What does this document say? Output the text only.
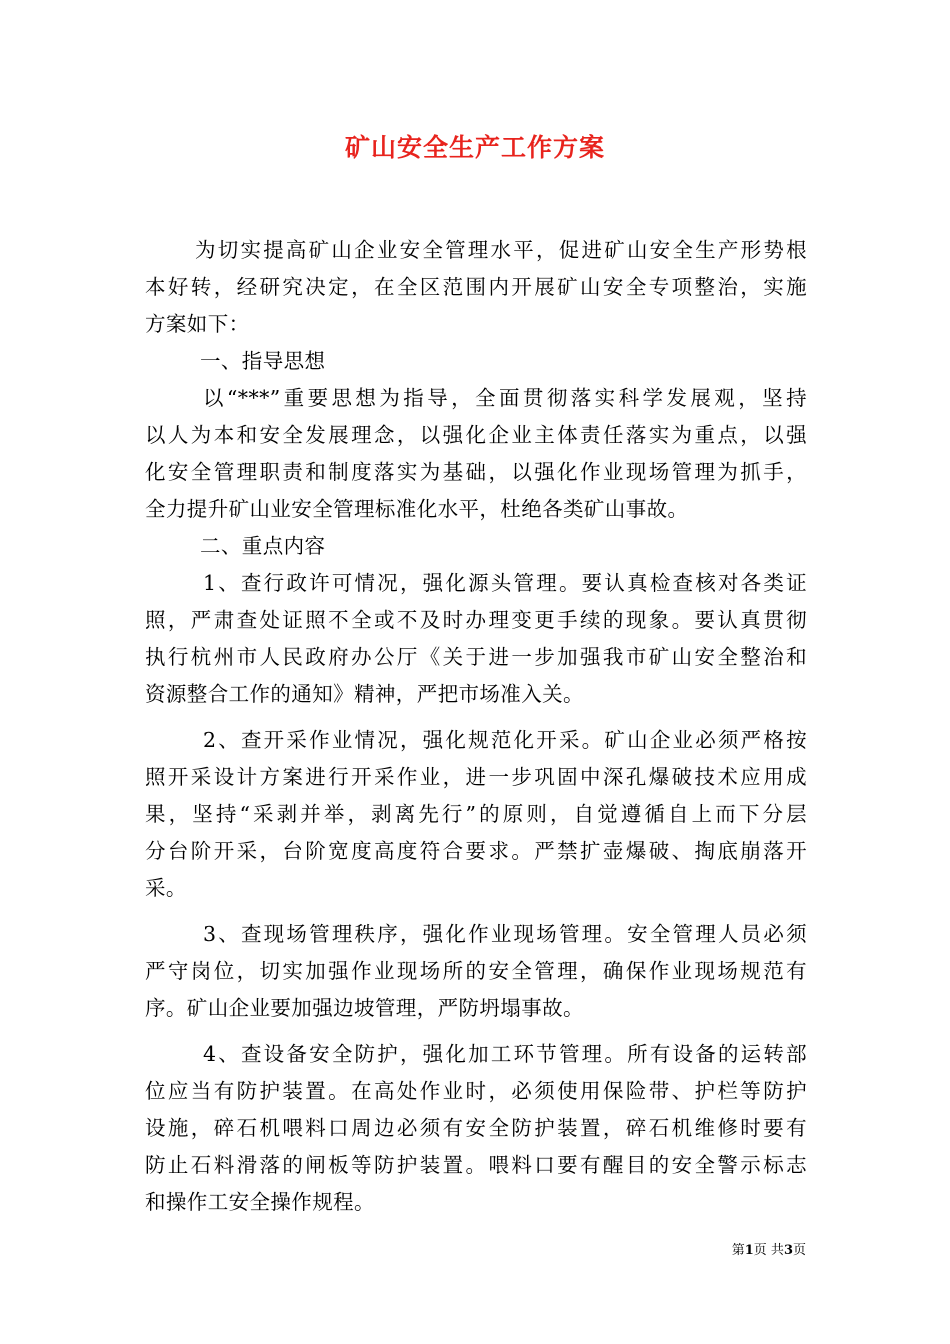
矿山安全生产工作方案
为切实提高矿山企业安全管理水平，促进矿山安全生产形势根
本好转，经研究决定，在全区范围内开展矿山安全专项整治，实施
方案如下：
一、指导思想
以“***”重要思想为指导，全面贯彻落实科学发展观，坚持
以人为本和安全发展理念，以强化企业主体责任落实为重点，以强
化安全管理职责和制度落实为基础，以强化作业现场管理为抓手，
全力提升矿山业安全管理标准化水平，杜绝各类矿山事故。
二、重点内容
1、查行政许可情况，强化源头管理。要认真检查核对各类证
照，严肃查处证照不全或不及时办理变更手续的现象。要认真贯彻
执行杭州市人民政府办公厅《关于进一步加强我市矿山安全整治和
资源整合工作的通知》精神，严把市场准入关。
2、查开采作业情况，强化规范化开采。矿山企业必须严格按
照开采设计方案进行开采作业，进一步巩固中深孔爆破技术应用成
果，坚持“采剥并举，剥离先行”的原则，自觉遵循自上而下分层
分台阶开采，台阶宽度高度符合要求。严禁扩壶爆破、掏底崩落开
采。
3、查现场管理秩序，强化作业现场管理。安全管理人员必须
严守岗位，切实加强作业现场所的安全管理，确保作业现场规范有
序。矿山企业要加强边坡管理，严防坍塌事故。
4、查设备安全防护，强化加工环节管理。所有设备的运转部
位应当有防护装置。在高处作业时，必须使用保险带、护栏等防护
设施，碎石机喂料口周边必须有安全防护装置，碎石机维修时要有
防止石料滑落的闸板等防护装置。喂料口要有醒目的安全警示标志
和操作工安全操作规程。
第1页 共3页
